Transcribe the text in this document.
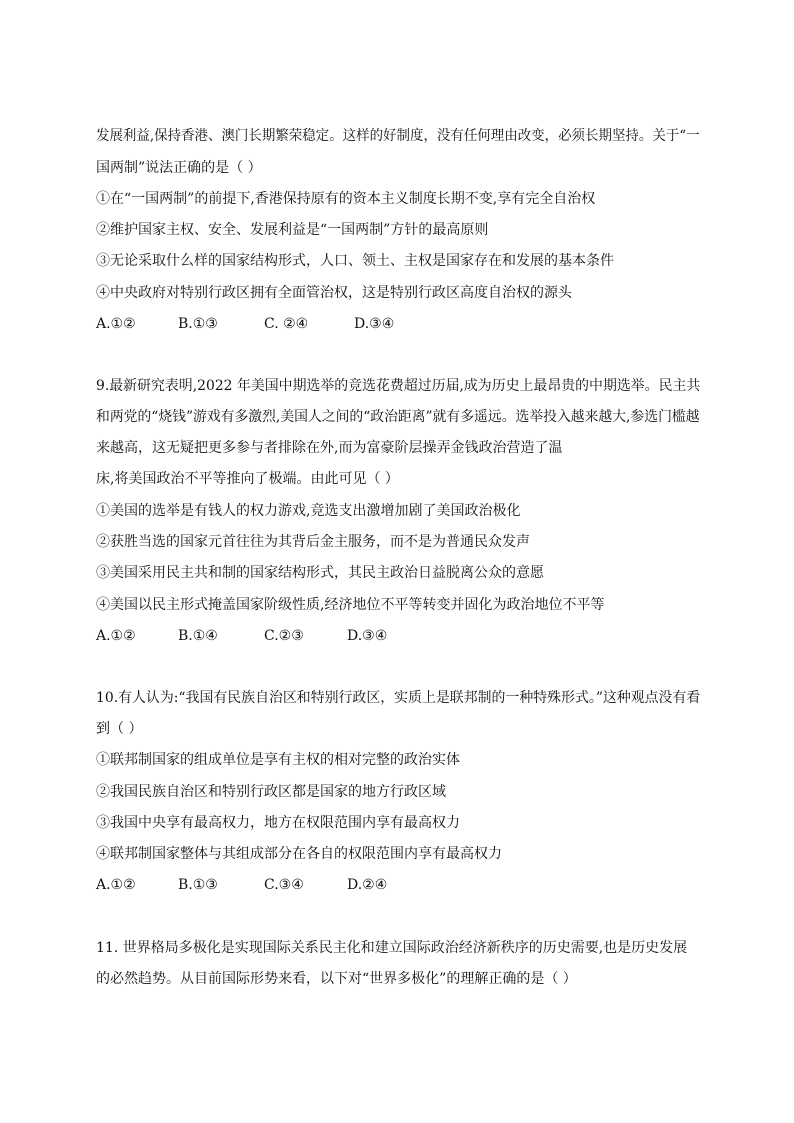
发展利益,保持香港、澳门长期繁荣稳定。这样的好制度，没有任何理由改变，必须长期坚持。关于“一
国两制”说法正确的是（ ）
①在“一国两制”的前提下,香港保持原有的资本主义制度长期不变,享有完全自治权
②维护国家主权、安全、发展利益是“一国两制”方针的最高原则
③无论采取什么样的国家结构形式，人口、领土、主权是国家存在和发展的基本条件
④中央政府对特别行政区拥有全面管治权，这是特别行政区高度自治权的源头
A.①②	B.①③	C. ②④	D.③④
9.最新研究表明,2022 年美国中期选举的竞选花费超过历届,成为历史上最昂贵的中期选举。民主共
和两党的“烧钱”游戏有多激烈,美国人之间的“政治距离”就有多遥远。选举投入越来越大,参选门槛越
来越高，这无疑把更多参与者排除在外,而为富豪阶层操弄金钱政治营造了温
床,将美国政治不平等推向了极端。由此可见（ ）
①美国的选举是有钱人的权力游戏,竞选支出激增加剧了美国政治极化
②获胜当选的国家元首往往为其背后金主服务，而不是为普通民众发声
③美国采用民主共和制的国家结构形式，其民主政治日益脱离公众的意愿
④美国以民主形式掩盖国家阶级性质,经济地位不平等转变并固化为政治地位不平等
A.①②	B.①④	C.②③	D.③④
10.有人认为:“我国有民族自治区和特别行政区，实质上是联邦制的一种特殊形式。”这种观点没有看
到（ ）
①联邦制国家的组成单位是享有主权的相对完整的政治实体
②我国民族自治区和特别行政区都是国家的地方行政区域
③我国中央享有最高权力，地方在权限范围内享有最高权力
④联邦制国家整体与其组成部分在各自的权限范围内享有最高权力
A.①②	B.①③	C.③④	D.②④
11. 世界格局多极化是实现国际关系民主化和建立国际政治经济新秩序的历史需要,也是历史发展
的必然趋势。从目前国际形势来看，以下对“世界多极化”的理解正确的是（ ）
